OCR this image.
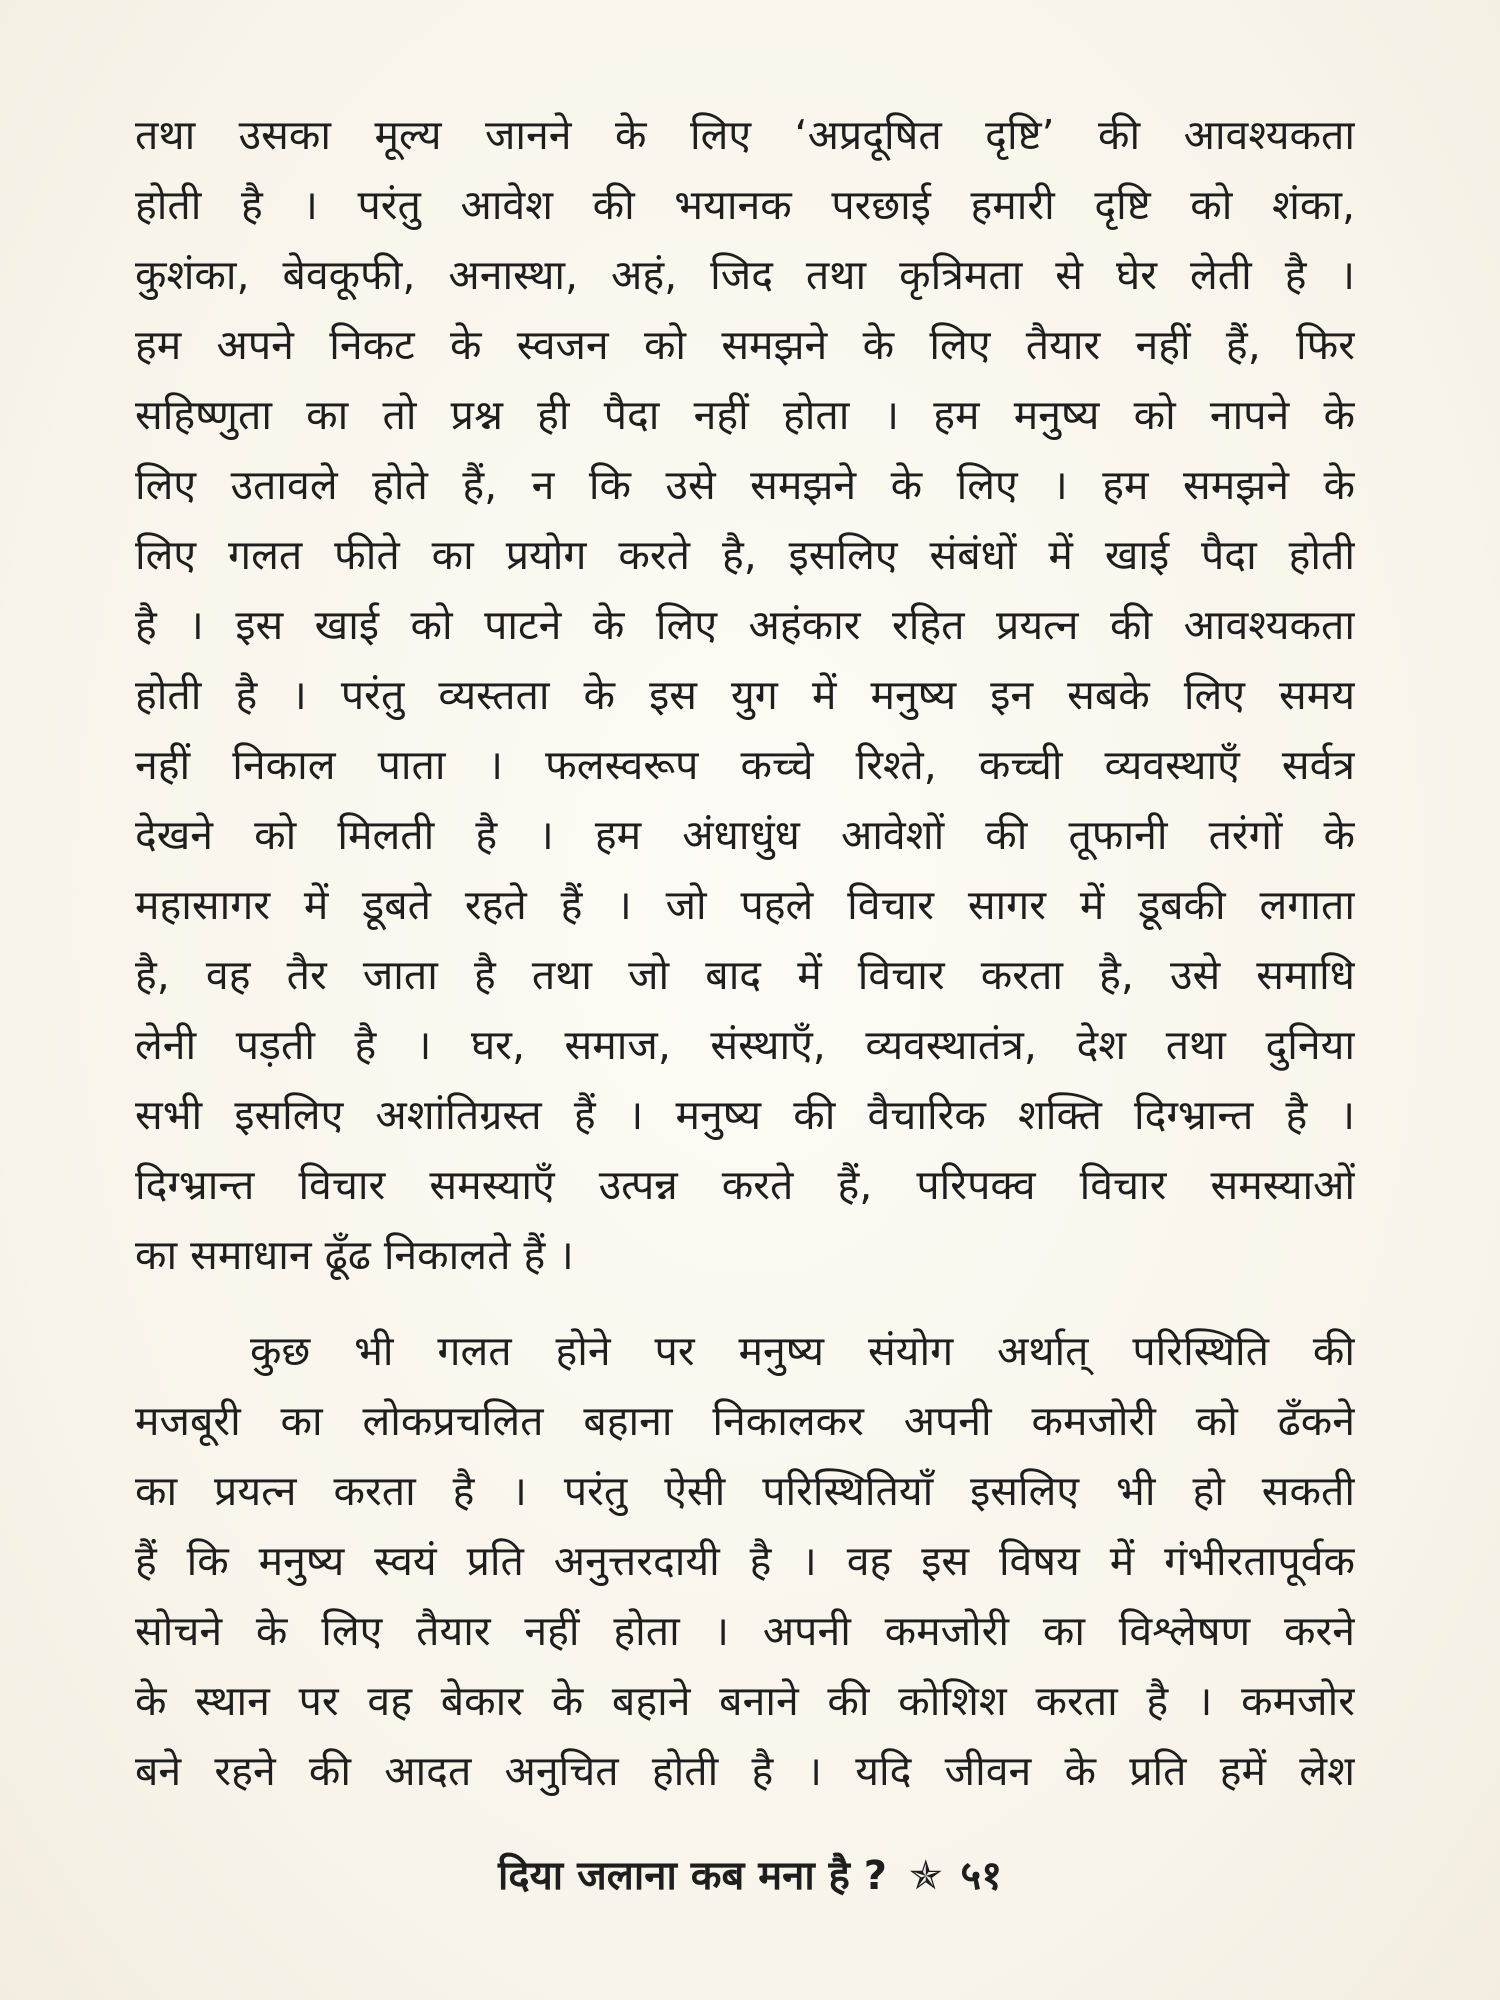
तथा उसका मूल्य जानने के लिए ‘अप्रदूषित दृष्टि’ की आवश्यकता
होती है । परंतु आवेश की भयानक परछाई हमारी दृष्टि को शंका,
कुशंका, बेवकूफी, अनास्था, अहं, जिद तथा कृत्रिमता से घेर लेती है ।
हम अपने निकट के स्वजन को समझने के लिए तैयार नहीं हैं, फिर
सहिष्णुता का तो प्रश्न ही पैदा नहीं होता । हम मनुष्य को नापने के
लिए उतावले होते हैं, न कि उसे समझने के लिए । हम समझने के
लिए गलत फीते का प्रयोग करते है, इसलिए संबंधों में खाई पैदा होती
है । इस खाई को पाटने के लिए अहंकार रहित प्रयत्न की आवश्यकता
होती है । परंतु व्यस्तता के इस युग में मनुष्य इन सबके लिए समय
नहीं निकाल पाता । फलस्वरूप कच्चे रिश्ते, कच्ची व्यवस्थाएँ सर्वत्र
देखने को मिलती है । हम अंधाधुंध आवेशों की तूफानी तरंगों के
महासागर में डूबते रहते हैं । जो पहले विचार सागर में डूबकी लगाता
है, वह तैर जाता है तथा जो बाद में विचार करता है, उसे समाधि
लेनी पड़ती है । घर, समाज, संस्थाएँ, व्यवस्थातंत्र, देश तथा दुनिया
सभी इसलिए अशांतिग्रस्त हैं । मनुष्य की वैचारिक शक्ति दिग्भ्रान्त है ।
दिग्भ्रान्त विचार समस्याएँ उत्पन्न करते हैं, परिपक्व विचार समस्याओं
का समाधान ढूँढ निकालते हैं ।
कुछ भी गलत होने पर मनुष्य संयोग अर्थात् परिस्थिति की
मजबूरी का लोकप्रचलित बहाना निकालकर अपनी कमजोरी को ढँकने
का प्रयत्न करता है । परंतु ऐसी परिस्थितियाँ इसलिए भी हो सकती
हैं कि मनुष्य स्वयं प्रति अनुत्तरदायी है । वह इस विषय में गंभीरतापूर्वक
सोचने के लिए तैयार नहीं होता । अपनी कमजोरी का विश्लेषण करने
के स्थान पर वह बेकार के बहाने बनाने की कोशिश करता है । कमजोर
बने रहने की आदत अनुचित होती है । यदि जीवन के प्रति हमें लेश
दिया जलाना कब मना है ? ✯ ५१
